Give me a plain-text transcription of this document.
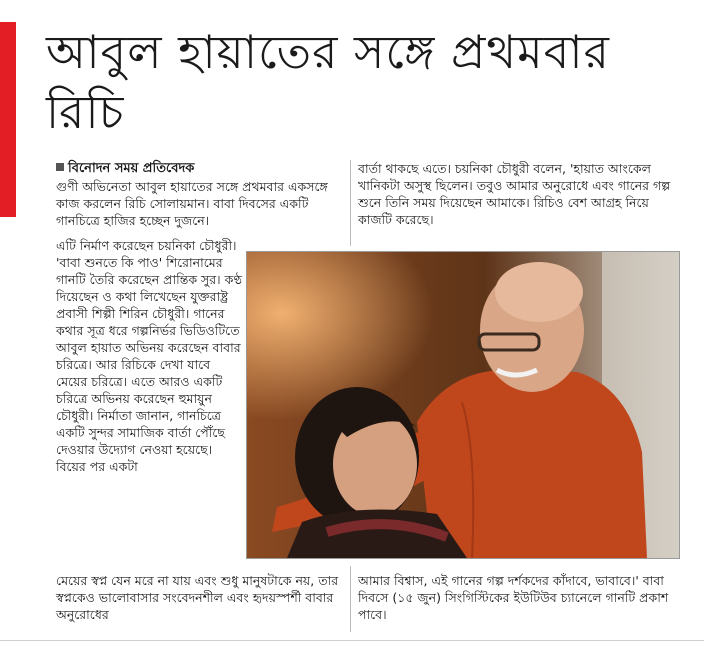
আবুল হায়াতের সঙ্গে প্রথমবার রিচি
বিনোদন সময় প্রতিবেদক

গুণী অভিনেতা আবুল হায়াতের সঙ্গে প্রথমবার একসঙ্গে কাজ করলেন রিচি সোলায়মান। বাবা দিবসের একটি গানচিত্রে হাজির হচ্ছেন দুজনে।

এটি নির্মাণ করেছেন চয়নিকা চৌধুরী। 'বাবা শুনতে কি পাও' শিরোনামের গানটি তৈরি করেছেন প্রান্তিক সুর। কণ্ঠ দিয়েছেন ও কথা লিখেছেন যুক্তরাষ্ট্র প্রবাসী শিল্পী শিরিন চৌধুরী। গানের কথার সূত্র ধরে গল্পনির্ভর ভিডিওটিতে আবুল হায়াত অভিনয় করেছেন বাবার চরিত্রে। আর রিচিকে দেখা যাবে মেয়ের চরিত্রে। এতে আরও একটি চরিত্রে অভিনয় করেছেন হুমায়ুন চৌধুরী। নির্মাতা জানান, গানচিত্রে একটি সুন্দর সামাজিক বার্তা পৌঁছে দেওয়ার উদ্যোগ নেওয়া হয়েছে। বিয়ের পর একটা

মেয়ের স্বপ্ন যেন মরে না যায় এবং শুধু মানুষটাকে নয়, তার স্বপ্নকেও ভালোবাসার সংবেদনশীল এবং হৃদয়স্পর্শী বাবার অনুরোধের

বার্তা থাকছে এতে। চয়নিকা চৌধুরী বলেন, 'হায়াত আংকেল খানিকটা অসুস্থ ছিলেন। তবুও আমার অনুরোধে এবং গানের গল্প শুনে তিনি সময় দিয়েছেন আমাকে। রিচিও বেশ আগ্রহ নিয়ে কাজটি করেছে।

আমার বিশ্বাস, এই গানের গল্প দর্শকদের কাঁদাবে, ভাবাবে।' বাবা দিবসে (১৫ জুন) সিংগিস্টিকের ইউটিউব চ্যানেলে গানটি প্রকাশ পাবে।
